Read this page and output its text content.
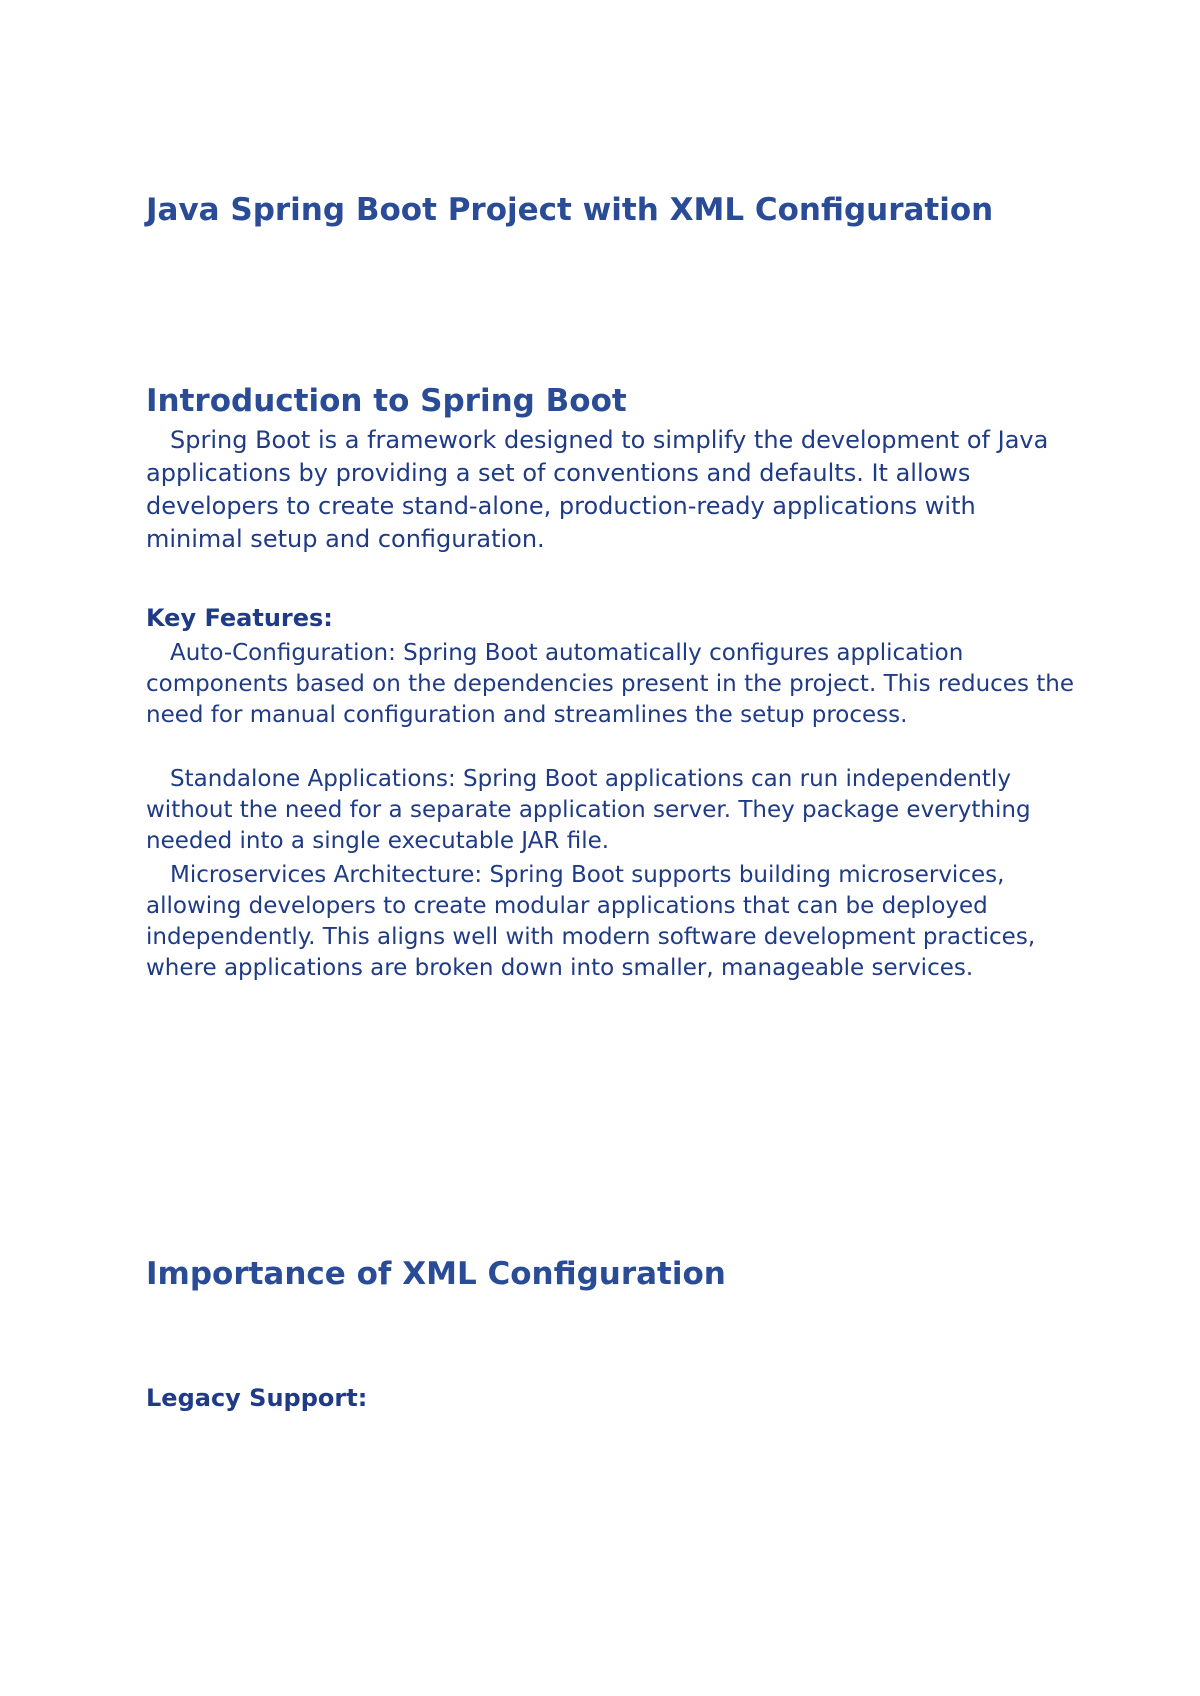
Java Spring Boot Project with XML Configuration
Introduction to Spring Boot

Spring Boot is a framework designed to simplify the development of Java applications by providing a set of conventions and defaults. It allows developers to create stand-alone, production-ready applications with minimal setup and configuration.

Key Features:

Auto-Configuration: Spring Boot automatically configures application components based on the dependencies present in the project. This reduces the need for manual configuration and streamlines the setup process.

Standalone Applications: Spring Boot applications can run independently without the need for a separate application server. They package everything needed into a single executable JAR file.

Microservices Architecture: Spring Boot supports building microservices, allowing developers to create modular applications that can be deployed independently. This aligns well with modern software development practices, where applications are broken down into smaller, manageable services.

Importance of XML Configuration
Legacy Support:
